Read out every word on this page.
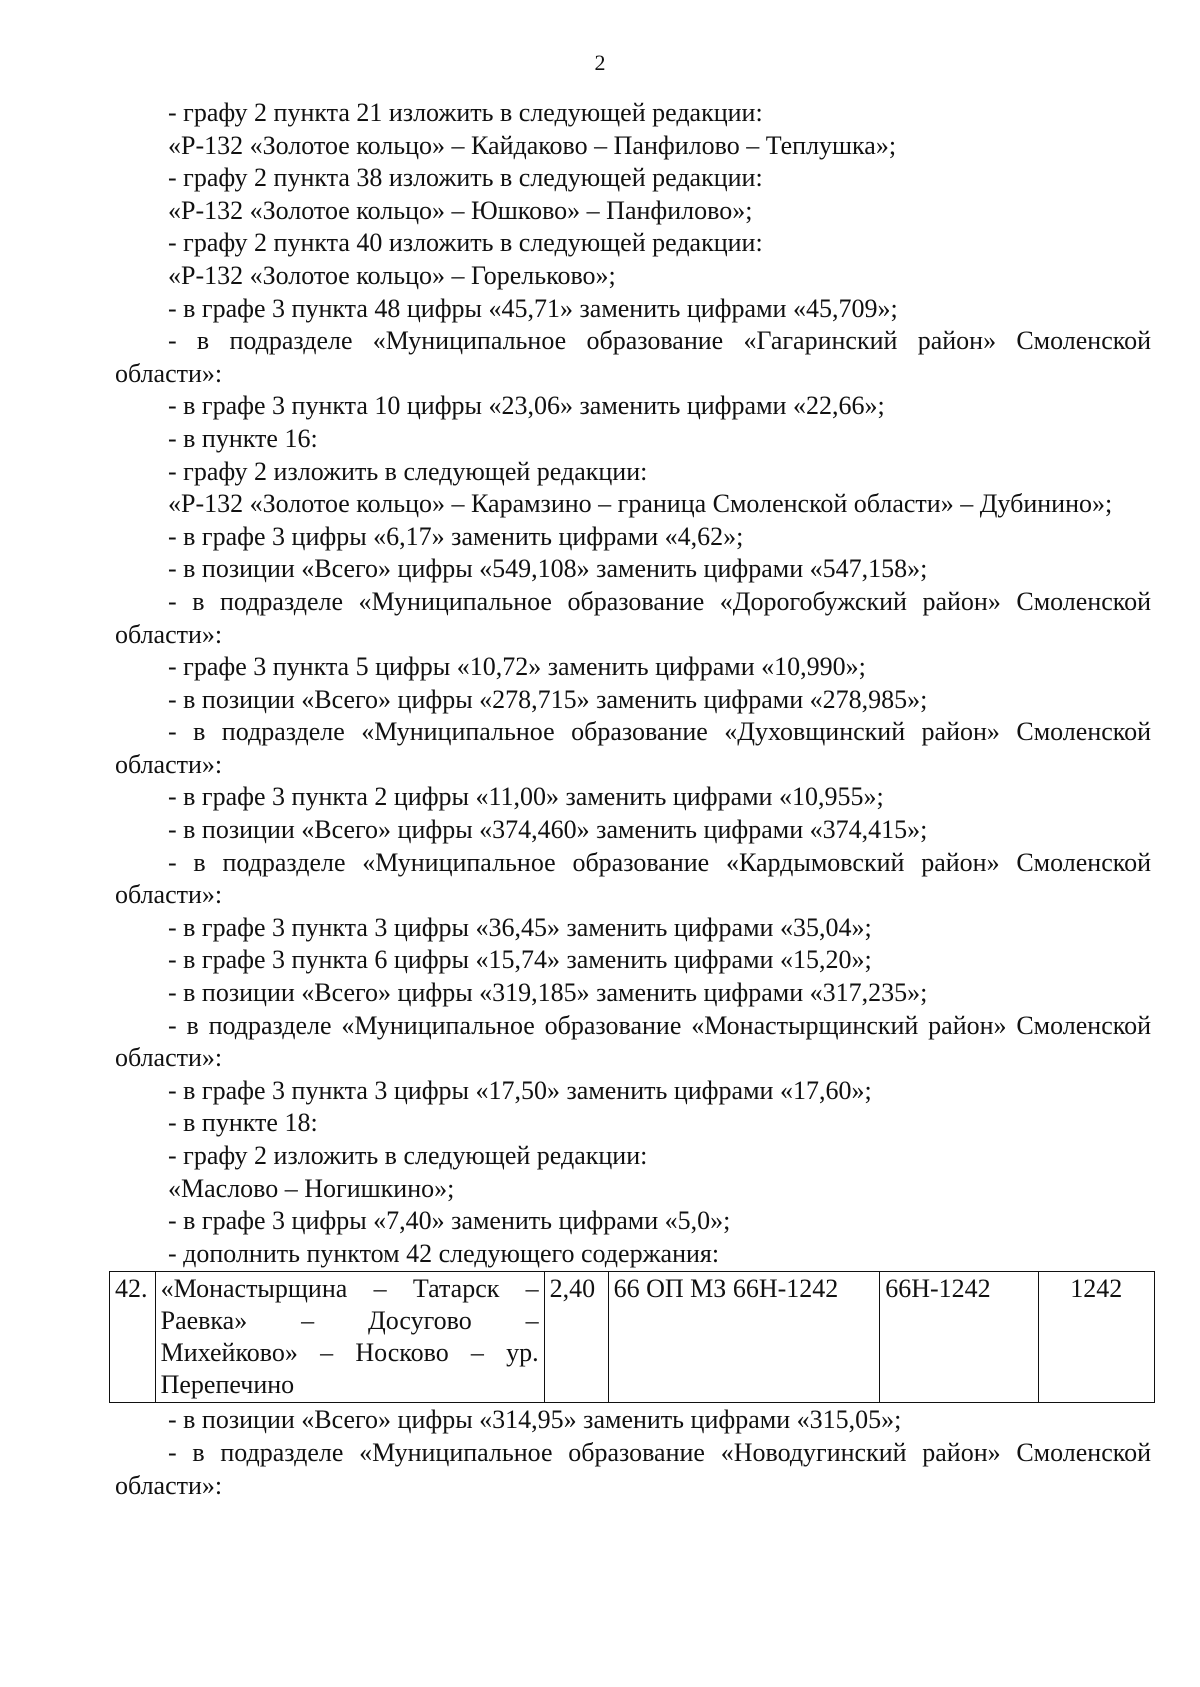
2

- графу 2 пункта 21 изложить в следующей редакции:

«Р-132 «Золотое кольцо» – Кайдаково – Панфилово – Теплушка»;

- графу 2 пункта 38 изложить в следующей редакции:

«Р-132 «Золотое кольцо» – Юшково» – Панфилово»;

- графу 2 пункта 40 изложить в следующей редакции:

«Р-132 «Золотое кольцо» – Горельково»;

- в графе 3 пункта 48 цифры «45,71» заменить цифрами «45,709»;

- в подразделе «Муниципальное образование «Гагаринский район» Смоленской области»:

- в графе 3 пункта 10 цифры «23,06» заменить цифрами «22,66»;

- в пункте 16:

- графу 2 изложить в следующей редакции:

«Р-132 «Золотое кольцо» – Карамзино – граница Смоленской области» – Дубинино»;

- в графе 3 цифры «6,17» заменить цифрами «4,62»;

- в позиции «Всего» цифры «549,108» заменить цифрами «547,158»;

- в подразделе «Муниципальное образование «Дорогобужский район» Смоленской области»:

- графе 3 пункта 5 цифры «10,72» заменить цифрами «10,990»;

- в позиции «Всего» цифры «278,715» заменить цифрами «278,985»;

- в подразделе «Муниципальное образование «Духовщинский район» Смоленской области»:

- в графе 3 пункта 2 цифры «11,00» заменить цифрами «10,955»;

- в позиции «Всего» цифры «374,460» заменить цифрами «374,415»;

- в подразделе «Муниципальное образование «Кардымовский район» Смоленской области»:

- в графе 3 пункта 3 цифры «36,45» заменить цифрами «35,04»;

- в графе 3 пункта 6 цифры «15,74» заменить цифрами «15,20»;

- в позиции «Всего» цифры «319,185» заменить цифрами «317,235»;

- в подразделе «Муниципальное образование «Монастырщинский район» Смоленской области»:

- в графе 3 пункта 3 цифры «17,50» заменить цифрами «17,60»;

- в пункте 18:

- графу 2 изложить в следующей редакции:

«Маслово – Ногишкино»;

- в графе 3 цифры «7,40» заменить цифрами «5,0»;

- дополнить пунктом 42 следующего содержания:

42.	«Монастырщина – Татарск – Раевка» – Досугово – Михейково» – Носково – ур. Перепечино	2,40	66 ОП МЗ 66Н-1242	66Н-1242	1242

- в позиции «Всего» цифры «314,95» заменить цифрами «315,05»;

- в подразделе «Муниципальное образование «Новодугинский район» Смоленской области»:
